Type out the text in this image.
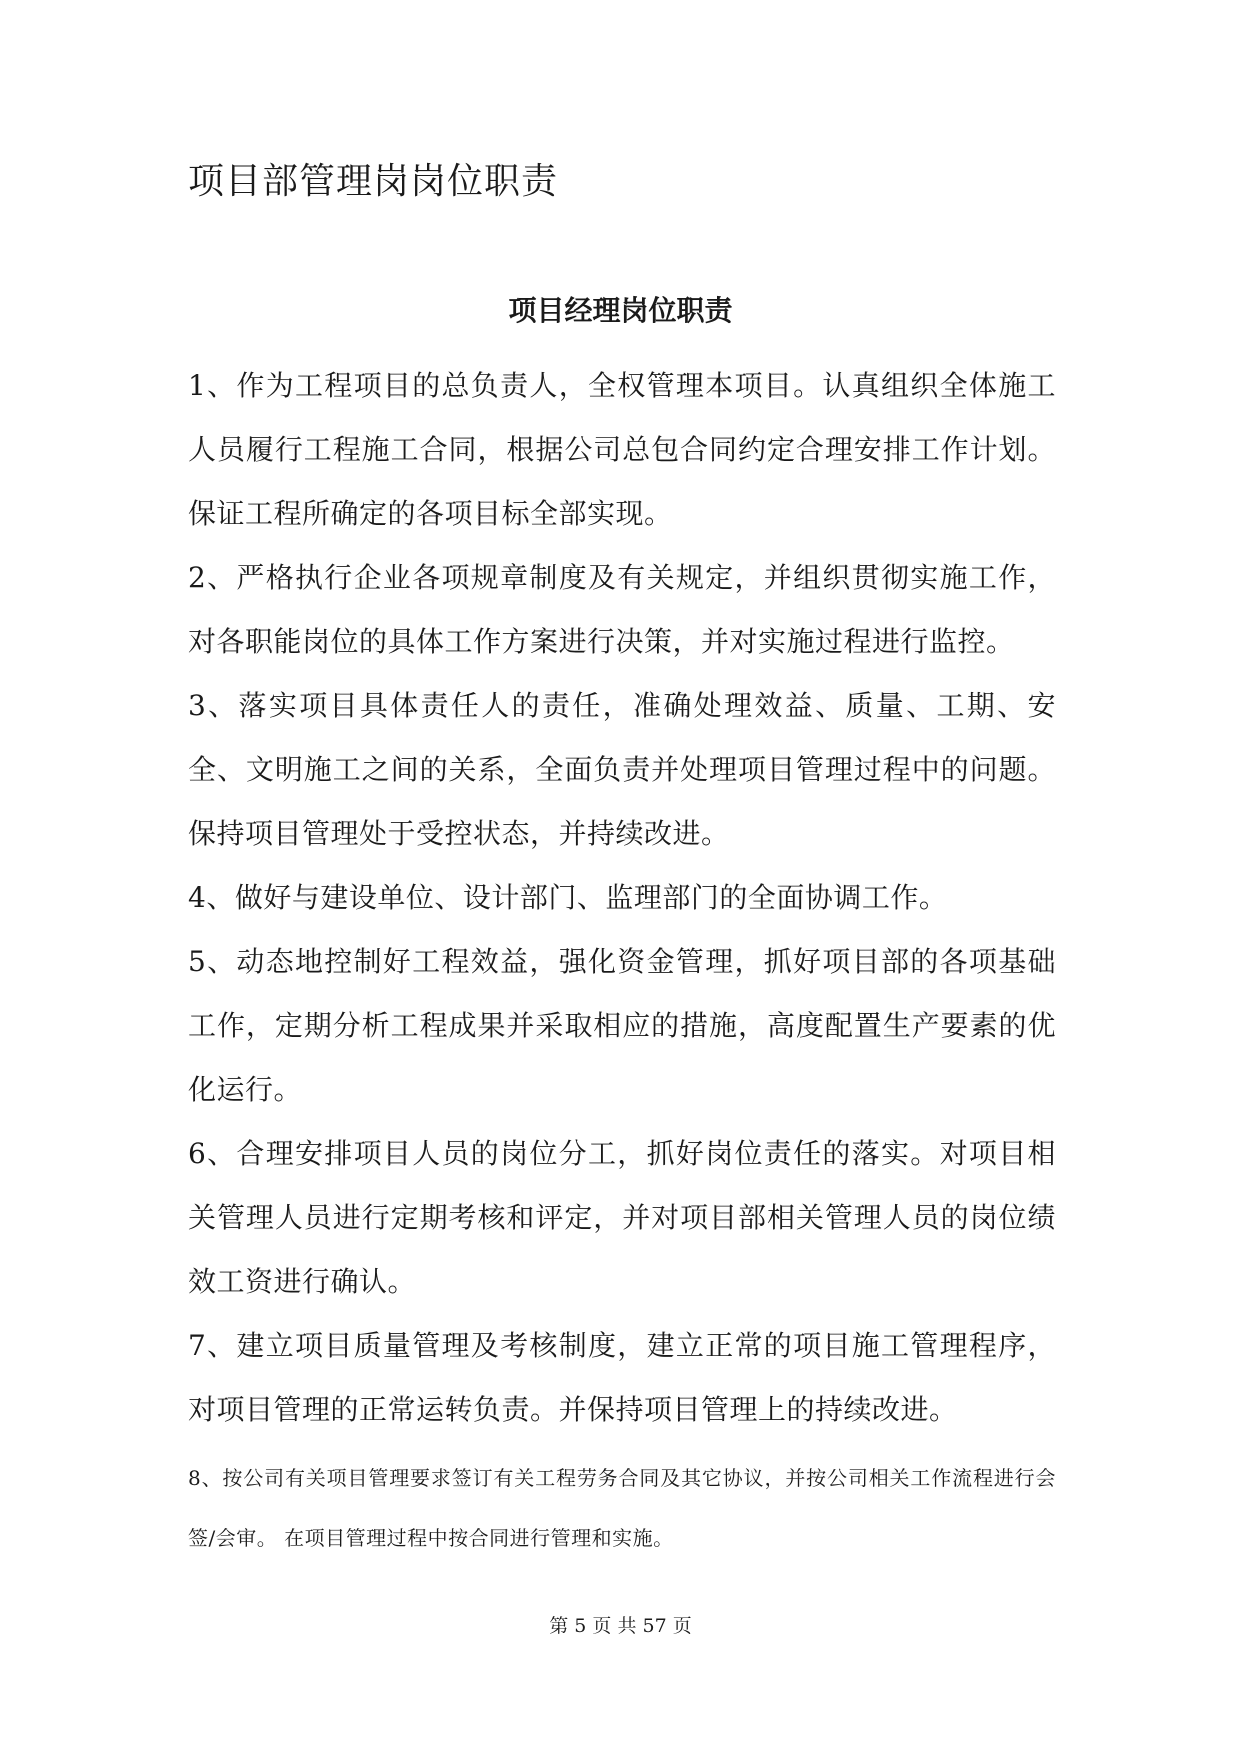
项目部管理岗岗位职责
项目经理岗位职责

1、作为工程项目的总负责人，全权管理本项目。认真组织全体施工人员履行工程施工合同，根据公司总包合同约定合理安排工作计划。保证工程所确定的各项目标全部实现。

2、严格执行企业各项规章制度及有关规定，并组织贯彻实施工作，对各职能岗位的具体工作方案进行决策，并对实施过程进行监控。

3、落实项目具体责任人的责任，准确处理效益、质量、工期、安全、文明施工之间的关系，全面负责并处理项目管理过程中的问题。保持项目管理处于受控状态，并持续改进。

4、做好与建设单位、设计部门、监理部门的全面协调工作。

5、动态地控制好工程效益，强化资金管理，抓好项目部的各项基础工作，定期分析工程成果并采取相应的措施，高度配置生产要素的优化运行。

6、合理安排项目人员的岗位分工，抓好岗位责任的落实。对项目相关管理人员进行定期考核和评定，并对项目部相关管理人员的岗位绩效工资进行确认。

7、建立项目质量管理及考核制度，建立正常的项目施工管理程序，对项目管理的正常运转负责。并保持项目管理上的持续改进。

8、按公司有关项目管理要求签订有关工程劳务合同及其它协议，并按公司相关工作流程进行会签/会审。 在项目管理过程中按合同进行管理和实施。

第 5 页 共 57 页
